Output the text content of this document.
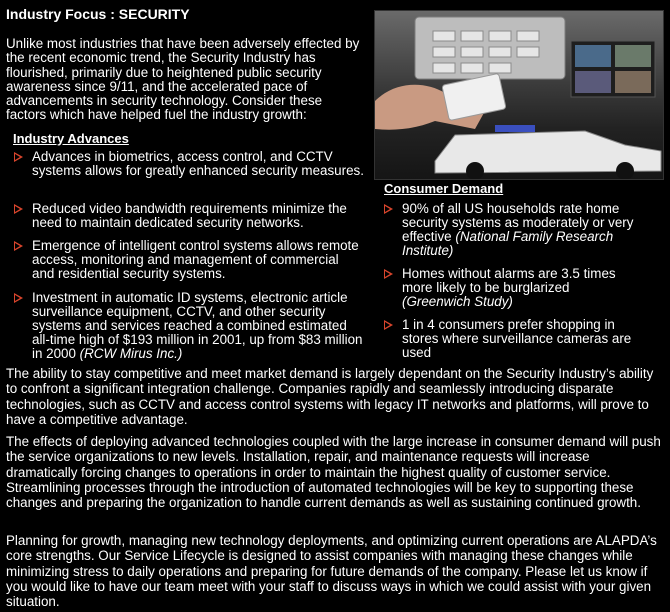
Industry Focus : SECURITY
Unlike most industries that have been adversely effected by the recent economic trend, the Security Industry has flourished, primarily due to heightened public security awareness since 9/11, and the accelerated pace of advancements in security technology. Consider these factors which have helped fuel the industry growth:
Industry Advances
Advances in biometrics, access control, and CCTV systems allows for greatly enhanced security measures.
Reduced video bandwidth requirements minimize the need to maintain dedicated security networks.
Emergence of intelligent control systems allows remote access, monitoring and management of commercial and residential security systems.
Investment in automatic ID systems, electronic article surveillance equipment, CCTV, and other security systems and services reached a combined estimated all-time high of $193 million in 2001, up from $83 million in 2000 (RCW Mirus Inc.)
Consumer Demand
90% of all US households rate home security systems as moderately or very effective (National Family Research Institute)
Homes without alarms are 3.5 times more likely to be burglarized
(Greenwich Study)
1 in 4 consumers prefer shopping in stores where surveillance cameras are used
The ability to stay competitive and meet market demand is largely dependant on the Security Industry’s ability to confront a significant integration challenge. Companies rapidly and seamlessly introducing disparate technologies, such as CCTV and access control systems with legacy IT networks and platforms, will prove to have a competitive advantage.
The effects of deploying advanced technologies coupled with the large increase in consumer demand will push the service organizations to new levels. Installation, repair, and maintenance requests will increase dramatically forcing changes to operations in order to maintain the highest quality of customer service. Streamlining processes through the introduction of automated technologies will be key to supporting these changes and preparing the organization to handle current demands as well as sustaining continued growth.
Planning for growth, managing new technology deployments, and optimizing current operations are ALAPDA’s core strengths. Our Service Lifecycle is designed to assist companies with managing these changes while minimizing stress to daily operations and preparing for future demands of the company. Please let us know if you would like to have our team meet with your staff to discuss ways in which we could assist with your given situation.
